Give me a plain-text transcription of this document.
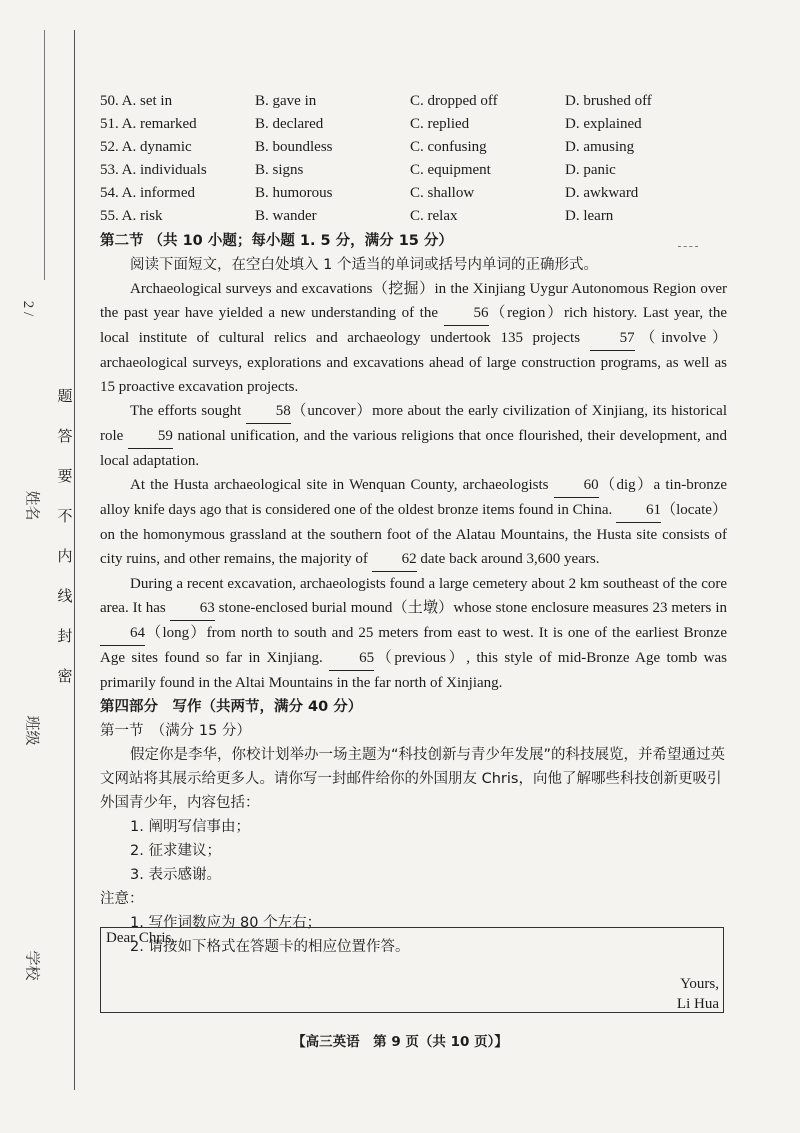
2 /
姓名
班级
学校
题
答
要
不
内
线
封
密
50. A. set in	B. gave in	C. dropped off	D. brushed off
51. A. remarked	B. declared	C. replied	D. explained
52. A. dynamic	B. boundless	C. confusing	D. amusing
53. A. individuals	B. signs	C. equipment	D. panic
54. A. informed	B. humorous	C. shallow	D. awkward
55. A. risk	B. wander	C. relax	D. learn
第二节 （共 10 小题；每小题 1. 5 分，满分 15 分）
阅读下面短文，在空白处填入 1 个适当的单词或括号内单词的正确形式。
Archaeological surveys and excavations（挖掘）in the Xinjiang Uygur Autonomous Region over the past year have yielded a new understanding of the 56（region）rich history. Last year, the local institute of cultural relics and archaeology undertook 135 projects 57（involve）archaeological surveys, explorations and excavations ahead of large construction programs, as well as 15 proactive excavation projects.
The efforts sought 58（uncover）more about the early civilization of Xinjiang, its historical role 59 national unification, and the various religions that once flourished, their development, and local adaptation.
At the Husta archaeological site in Wenquan County, archaeologists 60（dig）a tin-bronze alloy knife days ago that is considered one of the oldest bronze items found in China. 61（locate）on the homonymous grassland at the southern foot of the Alatau Mountains, the Husta site consists of city ruins, and other remains, the majority of 62 date back around 3,600 years.
During a recent excavation, archaeologists found a large cemetery about 2 km southeast of the core area. It has 63 stone-enclosed burial mound（土墩）whose stone enclosure measures 23 meters in 64（long）from north to south and 25 meters from east to west. It is one of the earliest Bronze Age sites found so far in Xinjiang. 65（previous）, this style of mid-Bronze Age tomb was primarily found in the Altai Mountains in the far north of Xinjiang.
第四部分　写作（共两节，满分 40 分）
第一节　（满分 15 分）
假定你是李华，你校计划举办一场主题为“科技创新与青少年发展”的科技展览，并希望通过英文网站将其展示给更多人。请你写一封邮件给你的外国朋友 Chris，向他了解哪些科技创新更吸引外国青少年，内容包括：
1. 阐明写信事由；
2. 征求建议；
3. 表示感谢。
注意：
1. 写作词数应为 80 个左右；
2. 请按如下格式在答题卡的相应位置作答。
Dear Chris,
Yours,
Li Hua
【高三英语　第 9 页（共 10 页）】
